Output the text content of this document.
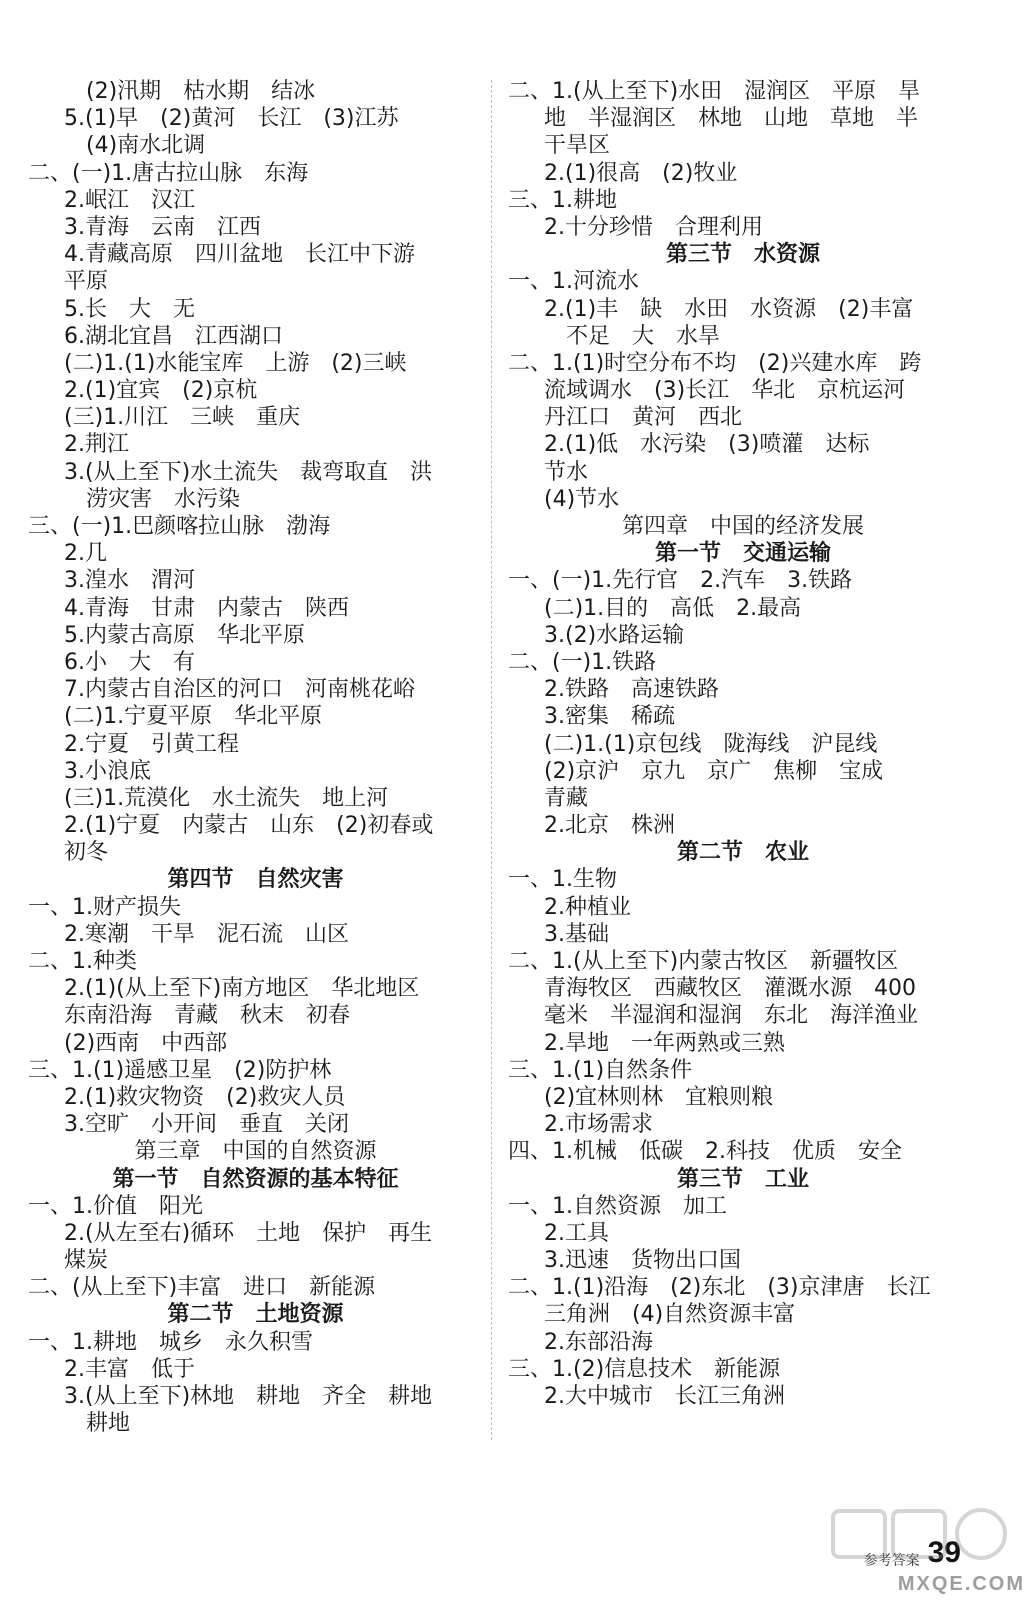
(2)汛期　枯水期　结冰
5.(1)早　(2)黄河　长江　(3)江苏
(4)南水北调
二、(一)1.唐古拉山脉　东海
2.岷江　汉江
3.青海　云南　江西
4.青藏高原　四川盆地　长江中下游
平原
5.长　大　无
6.湖北宜昌　江西湖口
(二)1.(1)水能宝库　上游　(2)三峡
2.(1)宜宾　(2)京杭
(三)1.川江　三峡　重庆
2.荆江
3.(从上至下)水土流失　裁弯取直　洪
涝灾害　水污染
三、(一)1.巴颜喀拉山脉　渤海
2.几
3.湟水　渭河
4.青海　甘肃　内蒙古　陕西
5.内蒙古高原　华北平原
6.小　大　有
7.内蒙古自治区的河口　河南桃花峪
(二)1.宁夏平原　华北平原
2.宁夏　引黄工程
3.小浪底
(三)1.荒漠化　水土流失　地上河
2.(1)宁夏　内蒙古　山东　(2)初春或
初冬
第四节　自然灾害
一、1.财产损失
2.寒潮　干旱　泥石流　山区
二、1.种类
2.(1)(从上至下)南方地区　华北地区
东南沿海　青藏　秋末　初春
(2)西南　中西部
三、1.(1)遥感卫星　(2)防护林
2.(1)救灾物资　(2)救灾人员
3.空旷　小开间　垂直　关闭
第三章　中国的自然资源
第一节　自然资源的基本特征
一、1.价值　阳光
2.(从左至右)循环　土地　保护　再生
煤炭
二、(从上至下)丰富　进口　新能源
第二节　土地资源
一、1.耕地　城乡　永久积雪
2.丰富　低于
3.(从上至下)林地　耕地　齐全　耕地
耕地
二、1.(从上至下)水田　湿润区　平原　旱
地　半湿润区　林地　山地　草地　半
干旱区
2.(1)很高　(2)牧业
三、1.耕地
2.十分珍惜　合理利用
第三节　水资源
一、1.河流水
2.(1)丰　缺　水田　水资源　(2)丰富
不足　大　水旱
二、1.(1)时空分布不均　(2)兴建水库　跨
流域调水　(3)长江　华北　京杭运河
丹江口　黄河　西北
2.(1)低　水污染　(3)喷灌　达标
节水
(4)节水
第四章　中国的经济发展
第一节　交通运输
一、(一)1.先行官　2.汽车　3.铁路
(二)1.目的　高低　2.最高
3.(2)水路运输
二、(一)1.铁路
2.铁路　高速铁路
3.密集　稀疏
(二)1.(1)京包线　陇海线　沪昆线
(2)京沪　京九　京广　焦柳　宝成
青藏
2.北京　株洲
第二节　农业
一、1.生物
2.种植业
3.基础
二、1.(从上至下)内蒙古牧区　新疆牧区
青海牧区　西藏牧区　灌溉水源　400
毫米　半湿润和湿润　东北　海洋渔业
2.旱地　一年两熟或三熟
三、1.(1)自然条件
(2)宜林则林　宜粮则粮
2.市场需求
四、1.机械　低碳　2.科技　优质　安全
第三节　工业
一、1.自然资源　加工
2.工具
3.迅速　货物出口国
二、1.(1)沿海　(2)东北　(3)京津唐　长江
三角洲　(4)自然资源丰富
2.东部沿海
三、1.(2)信息技术　新能源
2.大中城市　长江三角洲
参考答案 39
MXQE.COM
